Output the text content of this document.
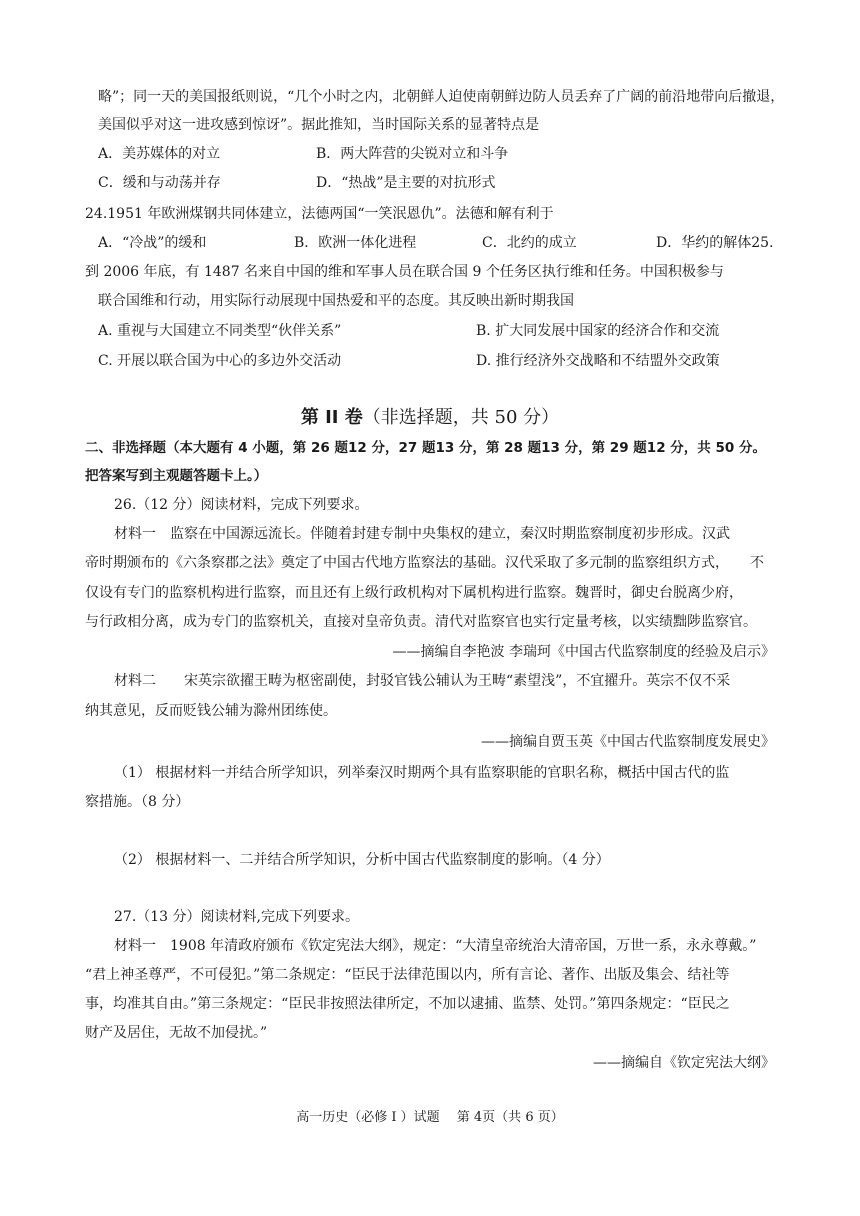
略”；同一天的美国报纸则说，“几个小时之内，北朝鲜人迫使南朝鲜边防人员丢弃了广阔的前沿地带向后撤退，
美国似乎对这一进攻感到惊讶”。据此推知，当时国际关系的显著特点是
A．美苏媒体的对立	B．两大阵营的尖锐对立和斗争
C．缓和与动荡并存	D．“热战”是主要的对抗形式
24.1951 年欧洲煤钢共同体建立，法德两国“一笑泯恩仇”。法德和解有利于
A．“冷战”的缓和	B．欧洲一体化进程	C．北约的成立	D．华约的解体25.
到 2006 年底，有 1487 名来自中国的维和军事人员在联合国 9 个任务区执行维和任务。中国积极参与
联合国维和行动，用实际行动展现中国热爱和平的态度。其反映出新时期我国
A. 重视与大国建立不同类型“伙伴关系”	B. 扩大同发展中国家的经济合作和交流
C. 开展以联合国为中心的多边外交活动	D. 推行经济外交战略和不结盟外交政策
第 II 卷（非选择题，共 50 分）
二、非选择题（本大题有 4 小题，第 26 题12 分，27 题13 分，第 28 题13 分，第 29 题12 分，共 50 分。
把答案写到主观题答题卡上。）
26.（12 分）阅读材料，完成下列要求。
材料一　监察在中国源远流长。伴随着封建专制中央集权的建立，秦汉时期监察制度初步形成。汉武
帝时期颁布的《六条察郡之法》奠定了中国古代地方监察法的基础。汉代采取了多元制的监察组织方式，　　不
仅设有专门的监察机构进行监察，而且还有上级行政机构对下属机构进行监察。魏晋时，御史台脱离少府，
与行政相分离，成为专门的监察机关，直接对皇帝负责。清代对监察官也实行定量考核，以实绩黜陟监察官。
——摘编自李艳波 李瑞珂《中国古代监察制度的经验及启示》
材料二　　宋英宗欲擢王畴为枢密副使，封驳官钱公辅认为王畴“素望浅”，不宜擢升。英宗不仅不采
纳其意见，反而贬钱公辅为滁州团练使。
——摘编自贾玉英《中国古代监察制度发展史》
（1） 根据材料一并结合所学知识，列举秦汉时期两个具有监察职能的官职名称，概括中国古代的监
察措施。（8 分）
（2） 根据材料一、二并结合所学知识，分析中国古代监察制度的影响。（4 分）
27.（13 分）阅读材料,完成下列要求。
材料一　1908 年清政府颁布《钦定宪法大纲》，规定：“大清皇帝统治大清帝国，万世一系，永永尊戴。”
“君上神圣尊严，不可侵犯。”第二条规定：“臣民于法律范围以内，所有言论、著作、出版及集会、结社等
事，均准其自由。”第三条规定：“臣民非按照法律所定，不加以逮捕、监禁、处罚。”第四条规定：“臣民之
财产及居住，无故不加侵扰。”
——摘编自《钦定宪法大纲》
高一历史（必修 I ）试题　 第 4页（共 6 页）
